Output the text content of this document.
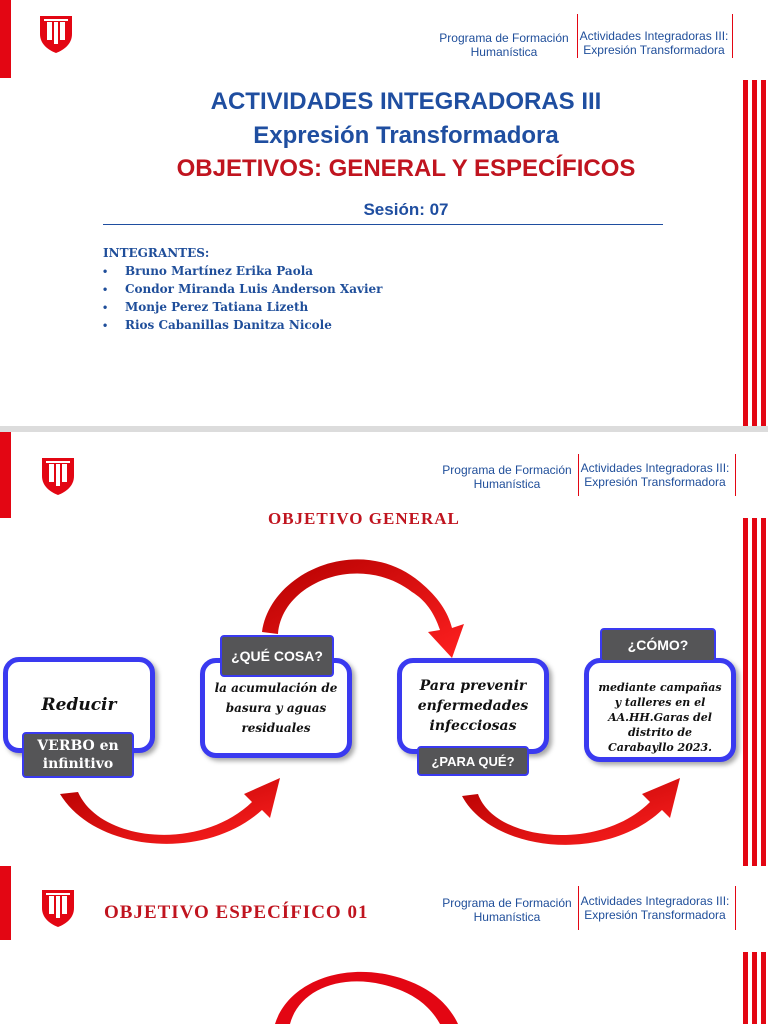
Programa de Formación
Humanística
Actividades Integradoras III:
Expresión Transformadora
ACTIVIDADES INTEGRADORAS III
Expresión Transformadora
OBJETIVOS: GENERAL Y ESPECÍFICOS
Sesión: 07
INTEGRANTES:
• Bruno Martínez Erika Paola
• Condor Miranda Luis Anderson Xavier
• Monje Perez Tatiana Lizeth
• Rios Cabanillas Danitza Nicole
Programa de Formación
Humanística
Actividades Integradoras III:
Expresión Transformadora
OBJETIVO GENERAL
Reducir
VERBO en infinitivo
la acumulación de basura y aguas residuales
¿QUÉ COSA?
Para prevenir enfermedades infecciosas
¿PARA QUÉ?
mediante campañas y talleres en el AA.HH.Garas del distrito de Carabayllo 2023.
¿CÓMO?
OBJETIVO ESPECÍFICO 01	Programa de Formación
Humanística
Actividades Integradoras III:
Expresión Transformadora
